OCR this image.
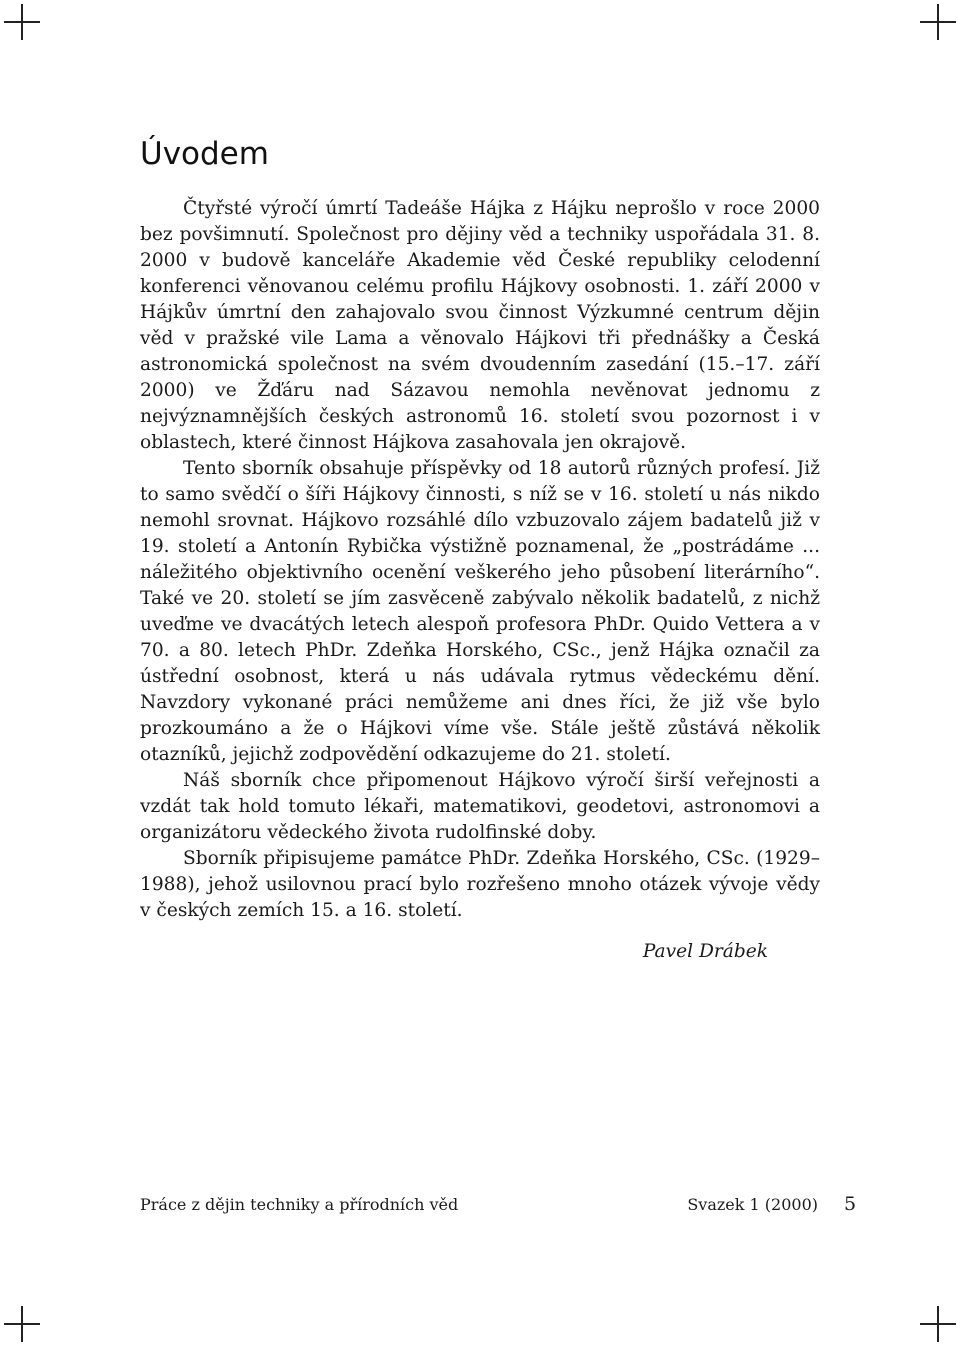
Úvodem

Čtyřsté výročí úmrtí Tadeáše Hájka z Hájku neprošlo v roce 2000 bez povšimnutí. Společnost pro dějiny věd a techniky uspořádala 31. 8. 2000 v budově kanceláře Akademie věd České republiky celodenní konferenci věnovanou celému profilu Hájkovy osobnosti. 1. září 2000 v Hájkův úmrtní den zahajovalo svou činnost Výzkumné centrum dějin věd v pražské vile Lama a věnovalo Hájkovi tři přednášky a Česká astronomická společnost na svém dvoudenním zasedání (15.–17. září 2000) ve Žďáru nad Sázavou nemohla nevěnovat jednomu z nejvýznamnějších českých astronomů 16. století svou pozornost i v oblastech, které činnost Hájkova zasahovala jen okrajově.

Tento sborník obsahuje příspěvky od 18 autorů různých profesí. Již to samo svědčí o šíři Hájkovy činnosti, s níž se v 16. století u nás nikdo nemohl srovnat. Hájkovo rozsáhlé dílo vzbuzovalo zájem badatelů již v 19. století a Antonín Rybička výstižně poznamenal, že „postrádáme ... náležitého objektivního ocenění veškerého jeho působení literárního“. Také ve 20. století se jím zasvěceně zabývalo několik badatelů, z nichž uveďme ve dvacátých letech alespoň profesora PhDr. Quido Vettera a v 70. a 80. letech PhDr. Zdeňka Horského, CSc., jenž Hájka označil za ústřední osobnost, která u nás udávala rytmus vědeckému dění. Navzdory vykonané práci nemůžeme ani dnes říci, že již vše bylo prozkoumáno a že o Hájkovi víme vše. Stále ještě zůstává několik otazníků, jejichž zodpovědění odkazujeme do 21. století.

Náš sborník chce připomenout Hájkovo výročí širší veřejnosti a vzdát tak hold tomuto lékaři, matematikovi, geodetovi, astronomovi a organizátoru vědeckého života rudolfinské doby.

Sborník připisujeme památce PhDr. Zdeňka Horského, CSc. (1929–1988), jehož usilovnou prací bylo rozřešeno mnoho otázek vývoje vědy v českých zemích 15. a 16. století.

Pavel Drábek
Práce z dějin techniky a přírodních věd	Svazek 1 (2000) 5
